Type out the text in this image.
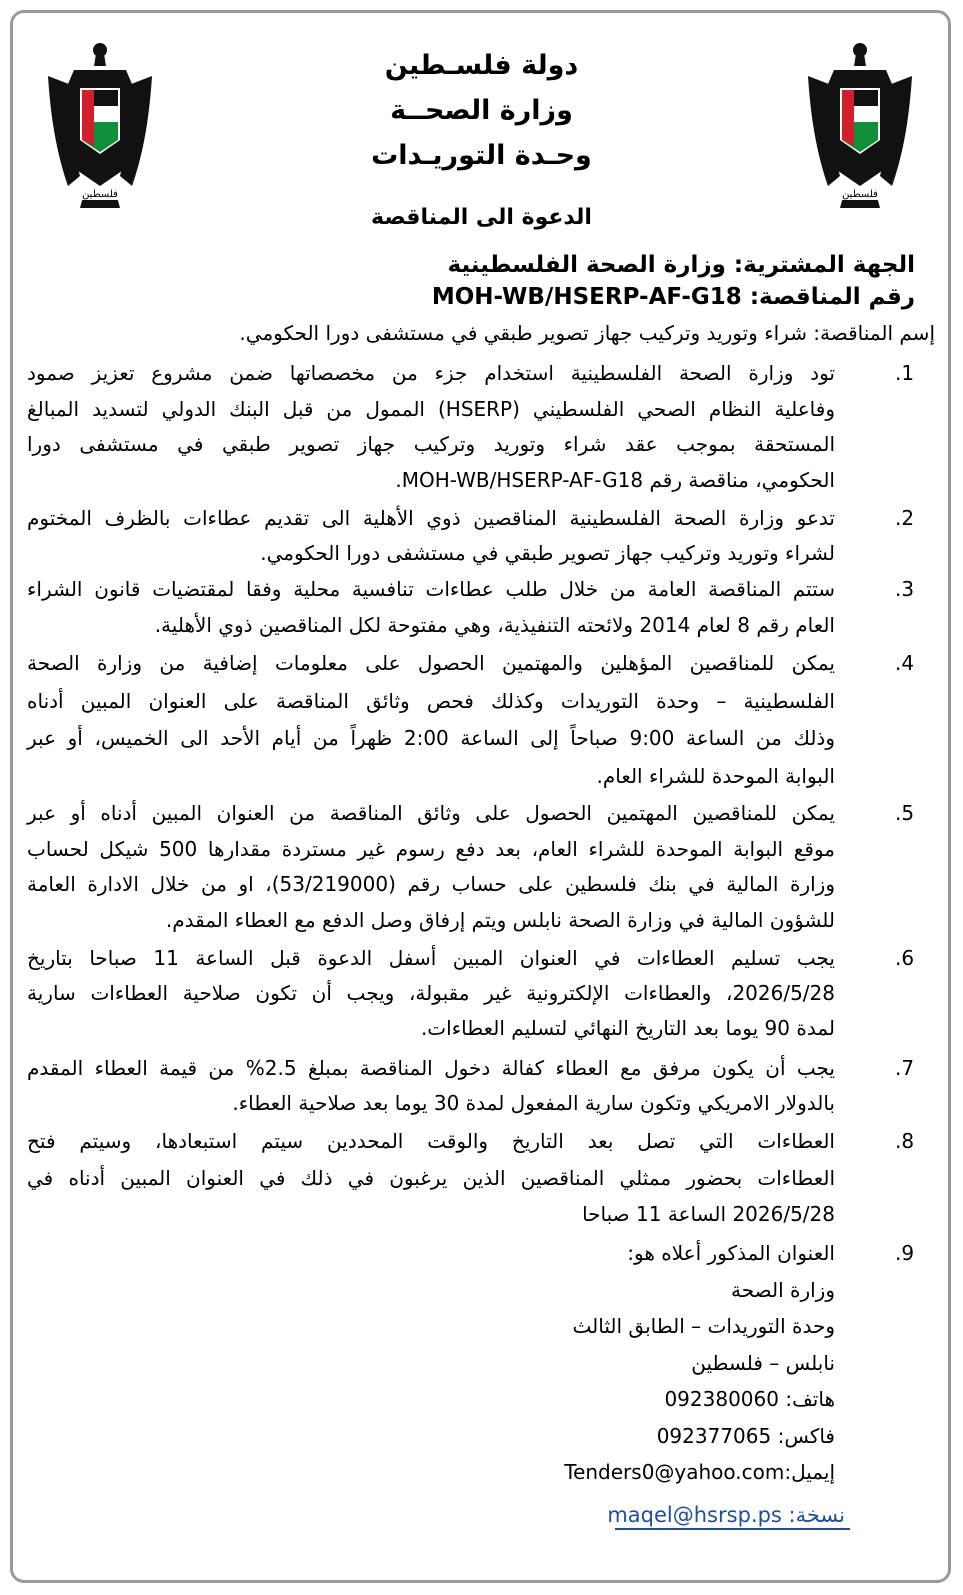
فلسطين	فلسطين
دولة فلسـطين
وزارة الصحــة
وحـدة التوريـدات
الدعوة الى المناقصة
الجهة المشترية: وزارة الصحة الفلسطينية
رقم المناقصة: MOH-WB/HSERP-AF-G18
إسم المناقصة: شراء وتوريد وتركيب جهاز تصوير طبقي في مستشفى دورا الحكومي.
.1
تود وزارة الصحة الفلسطينية استخدام جزء من مخصصاتها ضمن مشروع تعزيز صمود
وفاعلية النظام الصحي الفلسطيني (HSERP) الممول من قبل البنك الدولي لتسديد المبالغ
المستحقة بموجب عقد شراء وتوريد وتركيب جهاز تصوير طبقي في مستشفى دورا
الحكومي، مناقصة رقم MOH-WB/HSERP-AF-G18.
.2
تدعو وزارة الصحة الفلسطينية المناقصين ذوي الأهلية الى تقديم عطاءات بالظرف المختوم
لشراء وتوريد وتركيب جهاز تصوير طبقي في مستشفى دورا الحكومي.
.3
ستتم المناقصة العامة من خلال طلب عطاءات تنافسية محلية وفقا لمقتضيات قانون الشراء
العام رقم 8 لعام 2014 ولائحته التنفيذية، وهي مفتوحة لكل المناقصين ذوي الأهلية.
.4
يمكن للمناقصين المؤهلين والمهتمين الحصول على معلومات إضافية من وزارة الصحة
الفلسطينية – وحدة التوريدات وكذلك فحص وثائق المناقصة على العنوان المبين أدناه
وذلك من الساعة 9:00 صباحاً إلى الساعة 2:00 ظهراً من أيام الأحد الى الخميس، أو عبر
البوابة الموحدة للشراء العام.
.5
يمكن للمناقصين المهتمين الحصول على وثائق المناقصة من العنوان المبين أدناه أو عبر
موقع البوابة الموحدة للشراء العام، بعد دفع رسوم غير مستردة مقدارها 500 شيكل لحساب
وزارة المالية في بنك فلسطين على حساب رقم (53/219000)، او من خلال الادارة العامة
للشؤون المالية في وزارة الصحة نابلس ويتم إرفاق وصل الدفع مع العطاء المقدم.
.6
يجب تسليم العطاءات في العنوان المبين أسفل الدعوة قبل الساعة 11 صباحا بتاريخ
2026/5/28، والعطاءات الإلكترونية غير مقبولة، ويجب أن تكون صلاحية العطاءات سارية
لمدة 90 يوما بعد التاريخ النهائي لتسليم العطاءات.
.7
يجب أن يكون مرفق مع العطاء كفالة دخول المناقصة بمبلغ 2.5% من قيمة العطاء المقدم
بالدولار الامريكي وتكون سارية المفعول لمدة 30 يوما بعد صلاحية العطاء.
.8
العطاءات التي تصل بعد التاريخ والوقت المحددين سيتم استبعادها، وسيتم فتح
العطاءات بحضور ممثلي المناقصين الذين يرغبون في ذلك في العنوان المبين أدناه في
2026/5/28 الساعة 11 صباحا
.9
العنوان المذكور أعلاه هو:
وزارة الصحة
وحدة التوريدات – الطابق الثالث
نابلس – فلسطين
هاتف: 092380060
فاكس: 092377065
إيميل:Tenders0@yahoo.com
نسخة: maqel@hsrsp.ps
